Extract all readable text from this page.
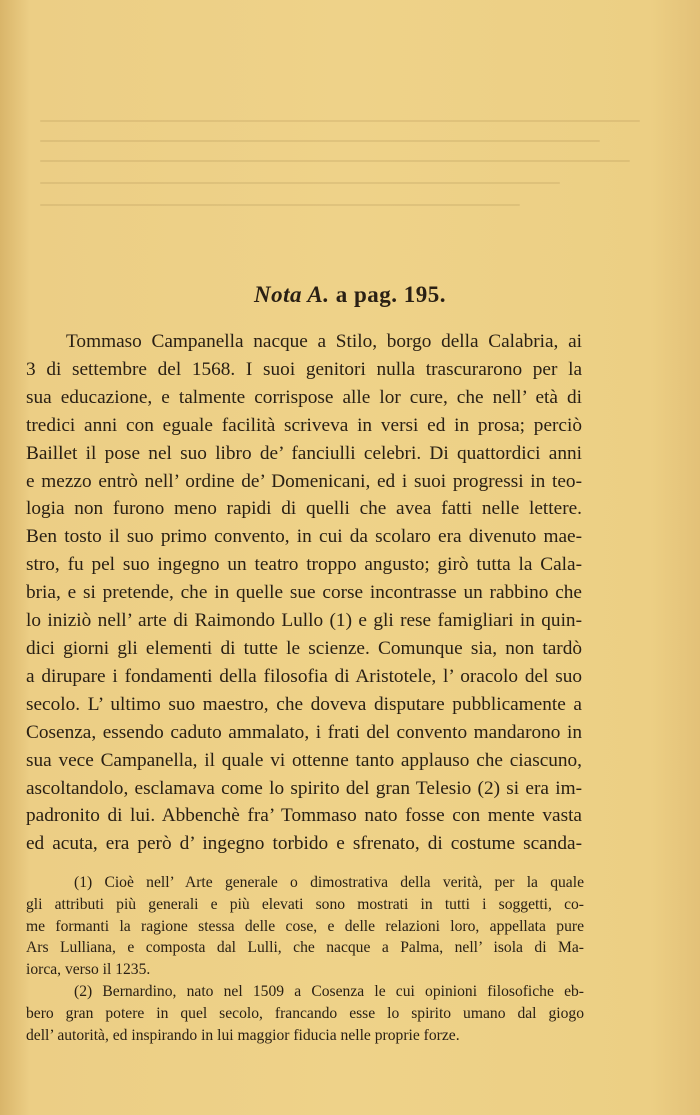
Nota A. a pag. 195.
Tommaso Campanella nacque a Stilo, borgo della Calabria, ai
3 di settembre del 1568. I suoi genitori nulla trascurarono per la
sua educazione, e talmente corrispose alle lor cure, che nell’ età di
tredici anni con eguale facilità scriveva in versi ed in prosa; perciò
Baillet il pose nel suo libro de’ fanciulli celebri. Di quattordici anni
e mezzo entrò nell’ ordine de’ Domenicani, ed i suoi progressi in teo-
logia non furono meno rapidi di quelli che avea fatti nelle lettere.
Ben tosto il suo primo convento, in cui da scolaro era divenuto mae-
stro, fu pel suo ingegno un teatro troppo angusto; girò tutta la Cala-
bria, e si pretende, che in quelle sue corse incontrasse un rabbino che
lo iniziò nell’ arte di Raimondo Lullo (1) e gli rese famigliari in quin-
dici giorni gli elementi di tutte le scienze. Comunque sia, non tardò
a dirupare i fondamenti della filosofia di Aristotele, l’ oracolo del suo
secolo. L’ ultimo suo maestro, che doveva disputare pubblicamente a
Cosenza, essendo caduto ammalato, i frati del convento mandarono in
sua vece Campanella, il quale vi ottenne tanto applauso che ciascuno,
ascoltandolo, esclamava come lo spirito del gran Telesio (2) si era im-
padronito di lui. Abbenchè fra’ Tommaso nato fosse con mente vasta
ed acuta, era però d’ ingegno torbido e sfrenato, di costume scanda-
(1) Cioè nell’ Arte generale o dimostrativa della verità, per la quale
gli attributi più generali e più elevati sono mostrati in tutti i soggetti, co-
me formanti la ragione stessa delle cose, e delle relazioni loro, appellata pure
Ars Lulliana, e composta dal Lulli, che nacque a Palma, nell’ isola di Ma-
iorca, verso il 1235.
(2) Bernardino, nato nel 1509 a Cosenza le cui opinioni filosofiche eb-
bero gran potere in quel secolo, francando esse lo spirito umano dal giogo
dell’ autorità, ed inspirando in lui maggior fiducia nelle proprie forze.
